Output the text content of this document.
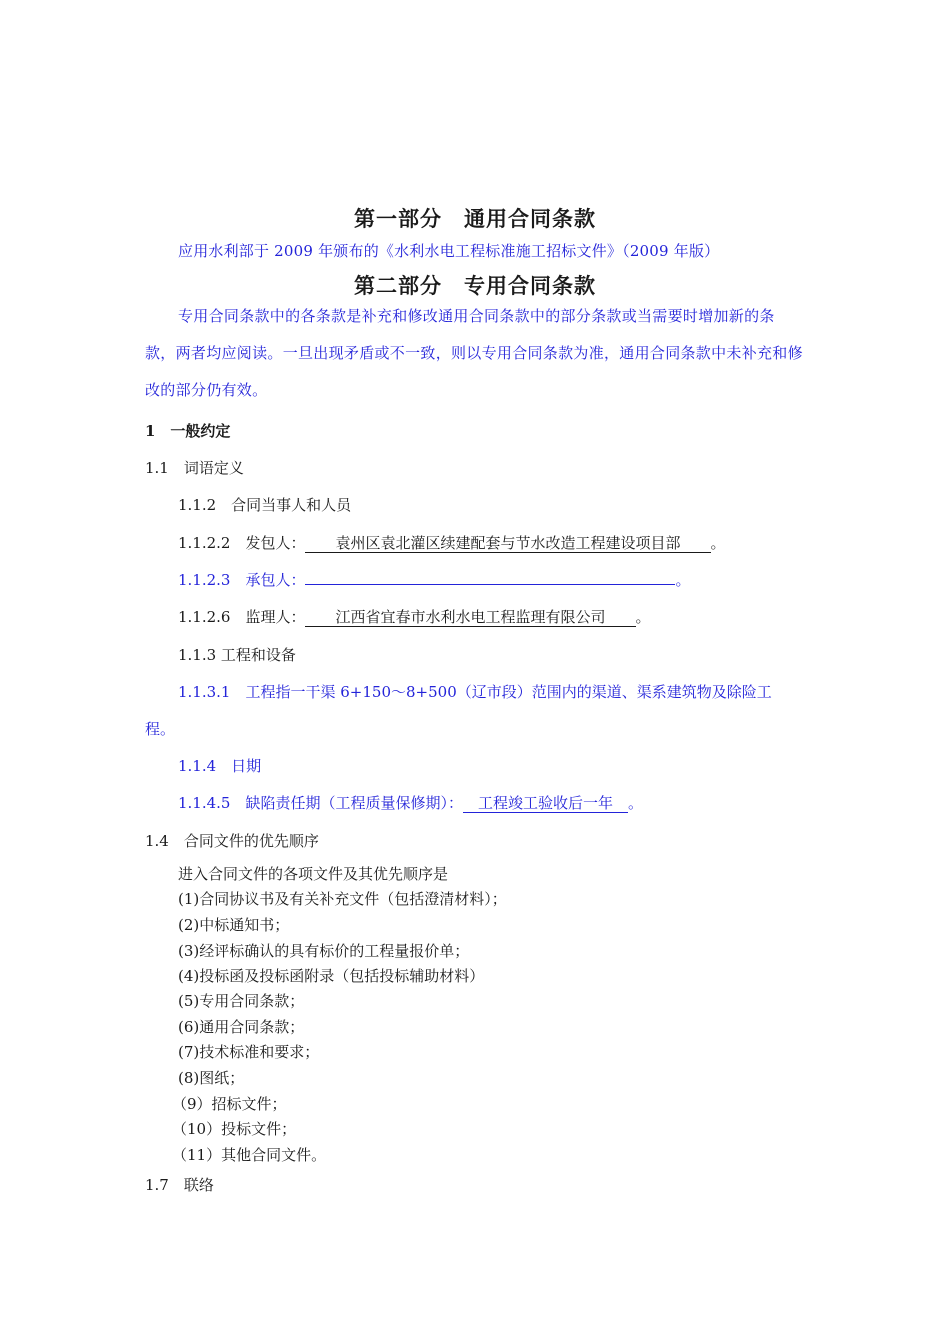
第一部分　通用合同条款
应用水利部于 2009 年颁布的《水利水电工程标准施工招标文件》（2009 年版）
第二部分　专用合同条款
专用合同条款中的各条款是补充和修改通用合同条款中的部分条款或当需要时增加新的条款，两者均应阅读。一旦出现矛盾或不一致，则以专用合同条款为准，通用合同条款中未补充和修改的部分仍有效。
1　一般约定
1.1　词语定义
1.1.2　合同当事人和人员
1.1.2.2　发包人：　　袁州区袁北灌区续建配套与节水改造工程建设项目部　　。
1.1.2.3　承包人：	。
1.1.2.6　监理人：　　江西省宜春市水利水电工程监理有限公司　　。
1.1.3 工程和设备
1.1.3.1　工程指一干渠 6+150～8+500（辽市段）范围内的渠道、渠系建筑物及除险工
程。
1.1.4　日期
1.1.4.5　缺陷责任期（工程质量保修期）：　工程竣工验收后一年　。
1.4　合同文件的优先顺序
进入合同文件的各项文件及其优先顺序是
(1)合同协议书及有关补充文件（包括澄清材料）；
(2)中标通知书；
(3)经评标确认的具有标价的工程量报价单；
(4)投标函及投标函附录（包括投标辅助材料）
(5)专用合同条款；
(6)通用合同条款；
(7)技术标准和要求；
(8)图纸；
（9）招标文件；
（10）投标文件；
（11）其他合同文件。
1.7　联络
